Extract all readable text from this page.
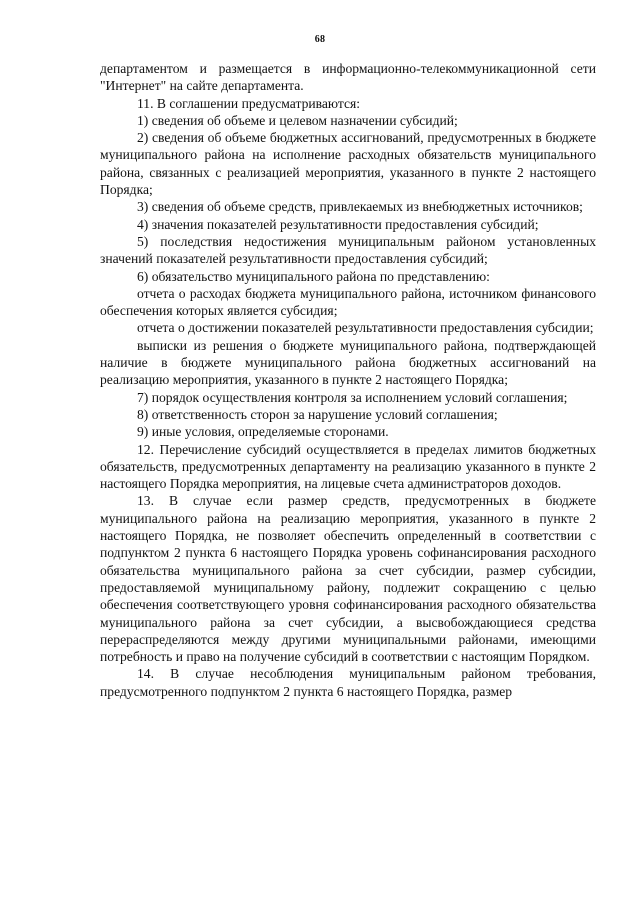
68

департаментом и размещается в информационно-телекоммуникационной сети "Интернет" на сайте департамента.

11. В соглашении предусматриваются:

1) сведения об объеме и целевом назначении субсидий;

2) сведения об объеме бюджетных ассигнований, предусмотренных в бюджете муниципального района на исполнение расходных обязательств муниципального района, связанных с реализацией мероприятия, указанного в пункте 2 настоящего Порядка;

3) сведения об объеме средств, привлекаемых из внебюджетных источников;

4) значения показателей результативности предоставления субсидий;

5) последствия недостижения муниципальным районом установленных значений показателей результативности предоставления субсидий;

6) обязательство муниципального района по представлению:

отчета о расходах бюджета муниципального района, источником финансового обеспечения которых является субсидия;

отчета о достижении показателей результативности предоставления субсидии;

выписки из решения о бюджете муниципального района, подтверждающей наличие в бюджете муниципального района бюджетных ассигнований на реализацию мероприятия, указанного в пункте 2 настоящего Порядка;

7) порядок осуществления контроля за исполнением условий соглашения;

8) ответственность сторон за нарушение условий соглашения;

9) иные условия, определяемые сторонами.

12. Перечисление субсидий осуществляется в пределах лимитов бюджетных обязательств, предусмотренных департаменту на реализацию указанного в пункте 2 настоящего Порядка мероприятия, на лицевые счета администраторов доходов.

13. В случае если размер средств, предусмотренных в бюджете муниципального района на реализацию мероприятия, указанного в пункте 2 настоящего Порядка, не позволяет обеспечить определенный в соответствии с подпунктом 2 пункта 6 настоящего Порядка уровень софинансирования расходного обязательства муниципального района за счет субсидии, размер субсидии, предоставляемой муниципальному району, подлежит сокращению с целью обеспечения соответствующего уровня софинансирования расходного обязательства муниципального района за счет субсидии, а высвобождающиеся средства перераспределяются между другими муниципальными районами, имеющими потребность и право на получение субсидий в соответствии с настоящим Порядком.

14. В случае несоблюдения муниципальным районом требования, предусмотренного подпунктом 2 пункта 6 настоящего Порядка, размер
